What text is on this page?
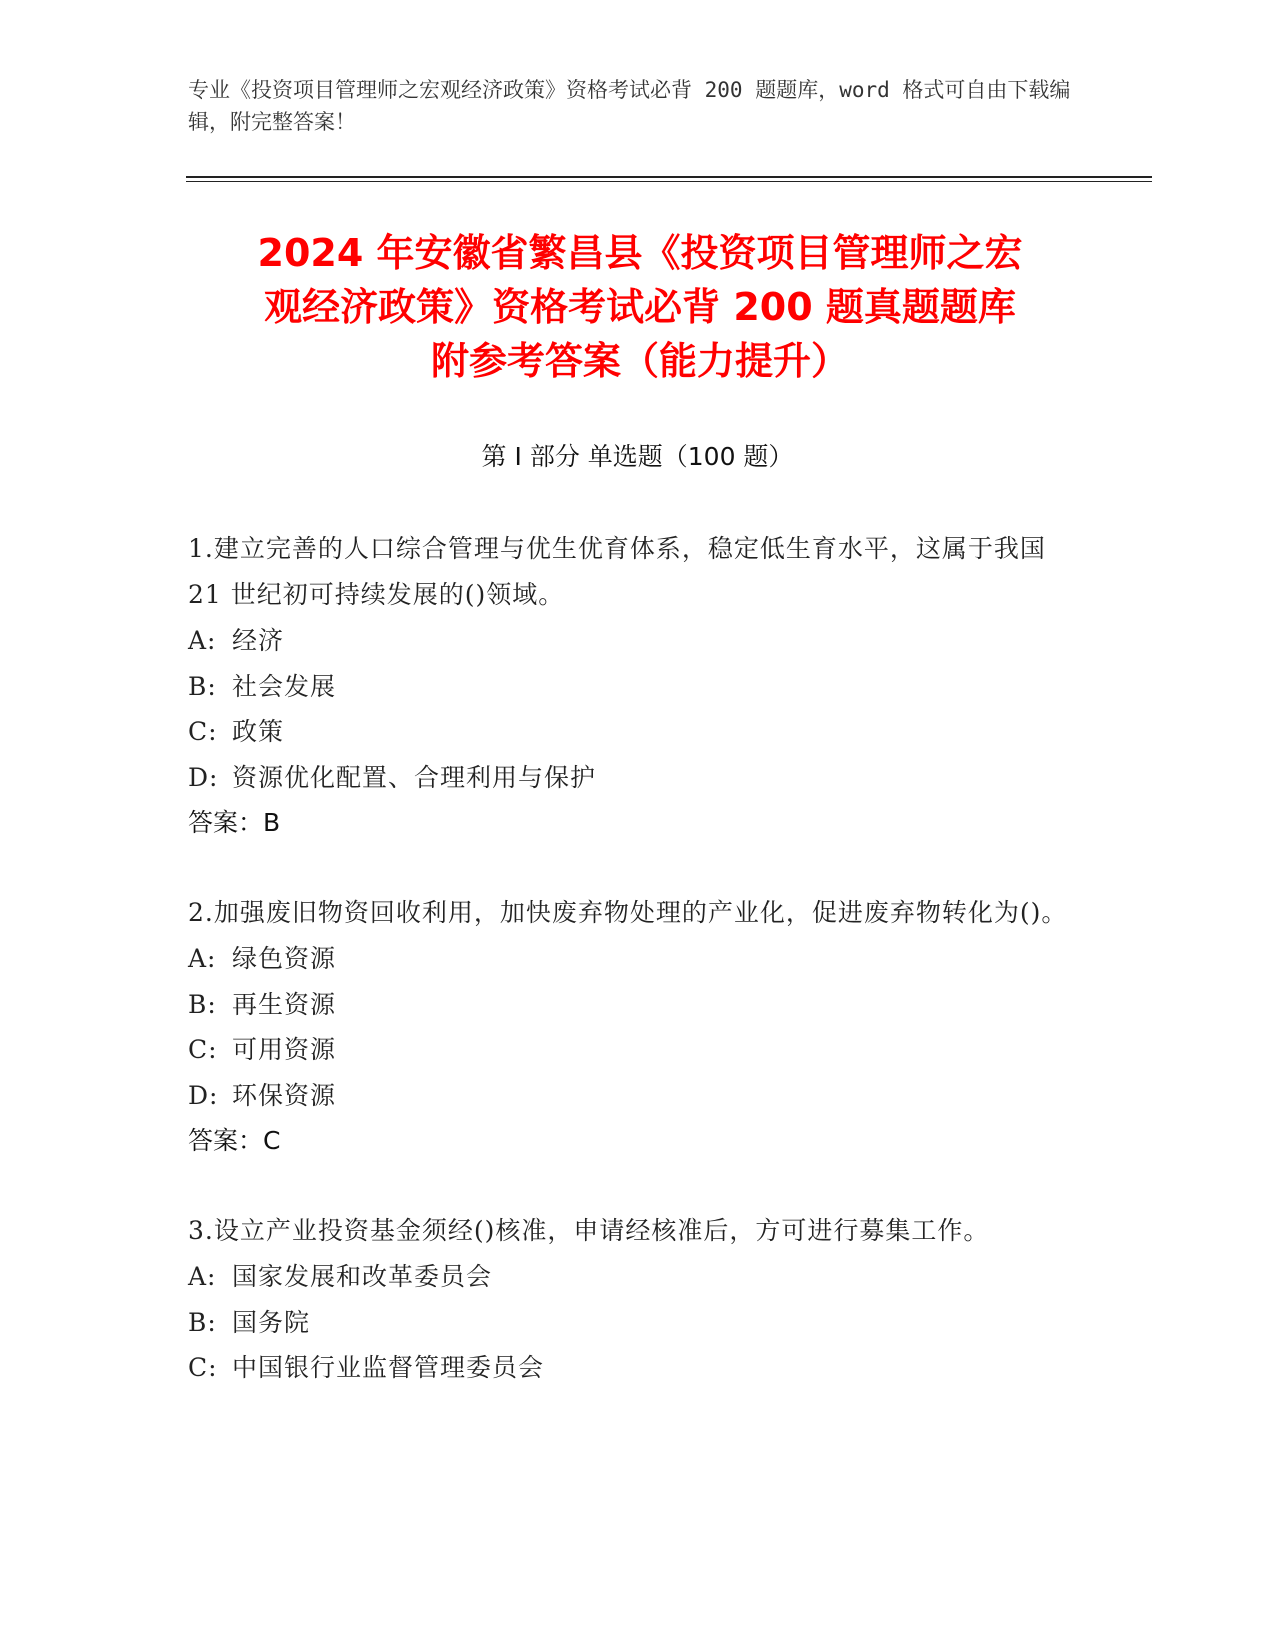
专业《投资项目管理师之宏观经济政策》资格考试必背 200 题题库，word 格式可自由下载编辑，附完整答案！
2024 年安徽省繁昌县《投资项目管理师之宏
观经济政策》资格考试必背 200 题真题题库
附参考答案（能力提升）
第 I 部分 单选题（100 题）
1.建立完善的人口综合管理与优生优育体系，稳定低生育水平，这属于我国 21 世纪初可持续发展的()领域。
A: 经济
B: 社会发展
C: 政策
D: 资源优化配置、合理利用与保护
答案：B
2.加强废旧物资回收利用，加快废弃物处理的产业化，促进废弃物转化为()。
A: 绿色资源
B: 再生资源
C: 可用资源
D: 环保资源
答案：C
3.设立产业投资基金须经()核准，申请经核准后，方可进行募集工作。
A: 国家发展和改革委员会
B: 国务院
C: 中国银行业监督管理委员会
